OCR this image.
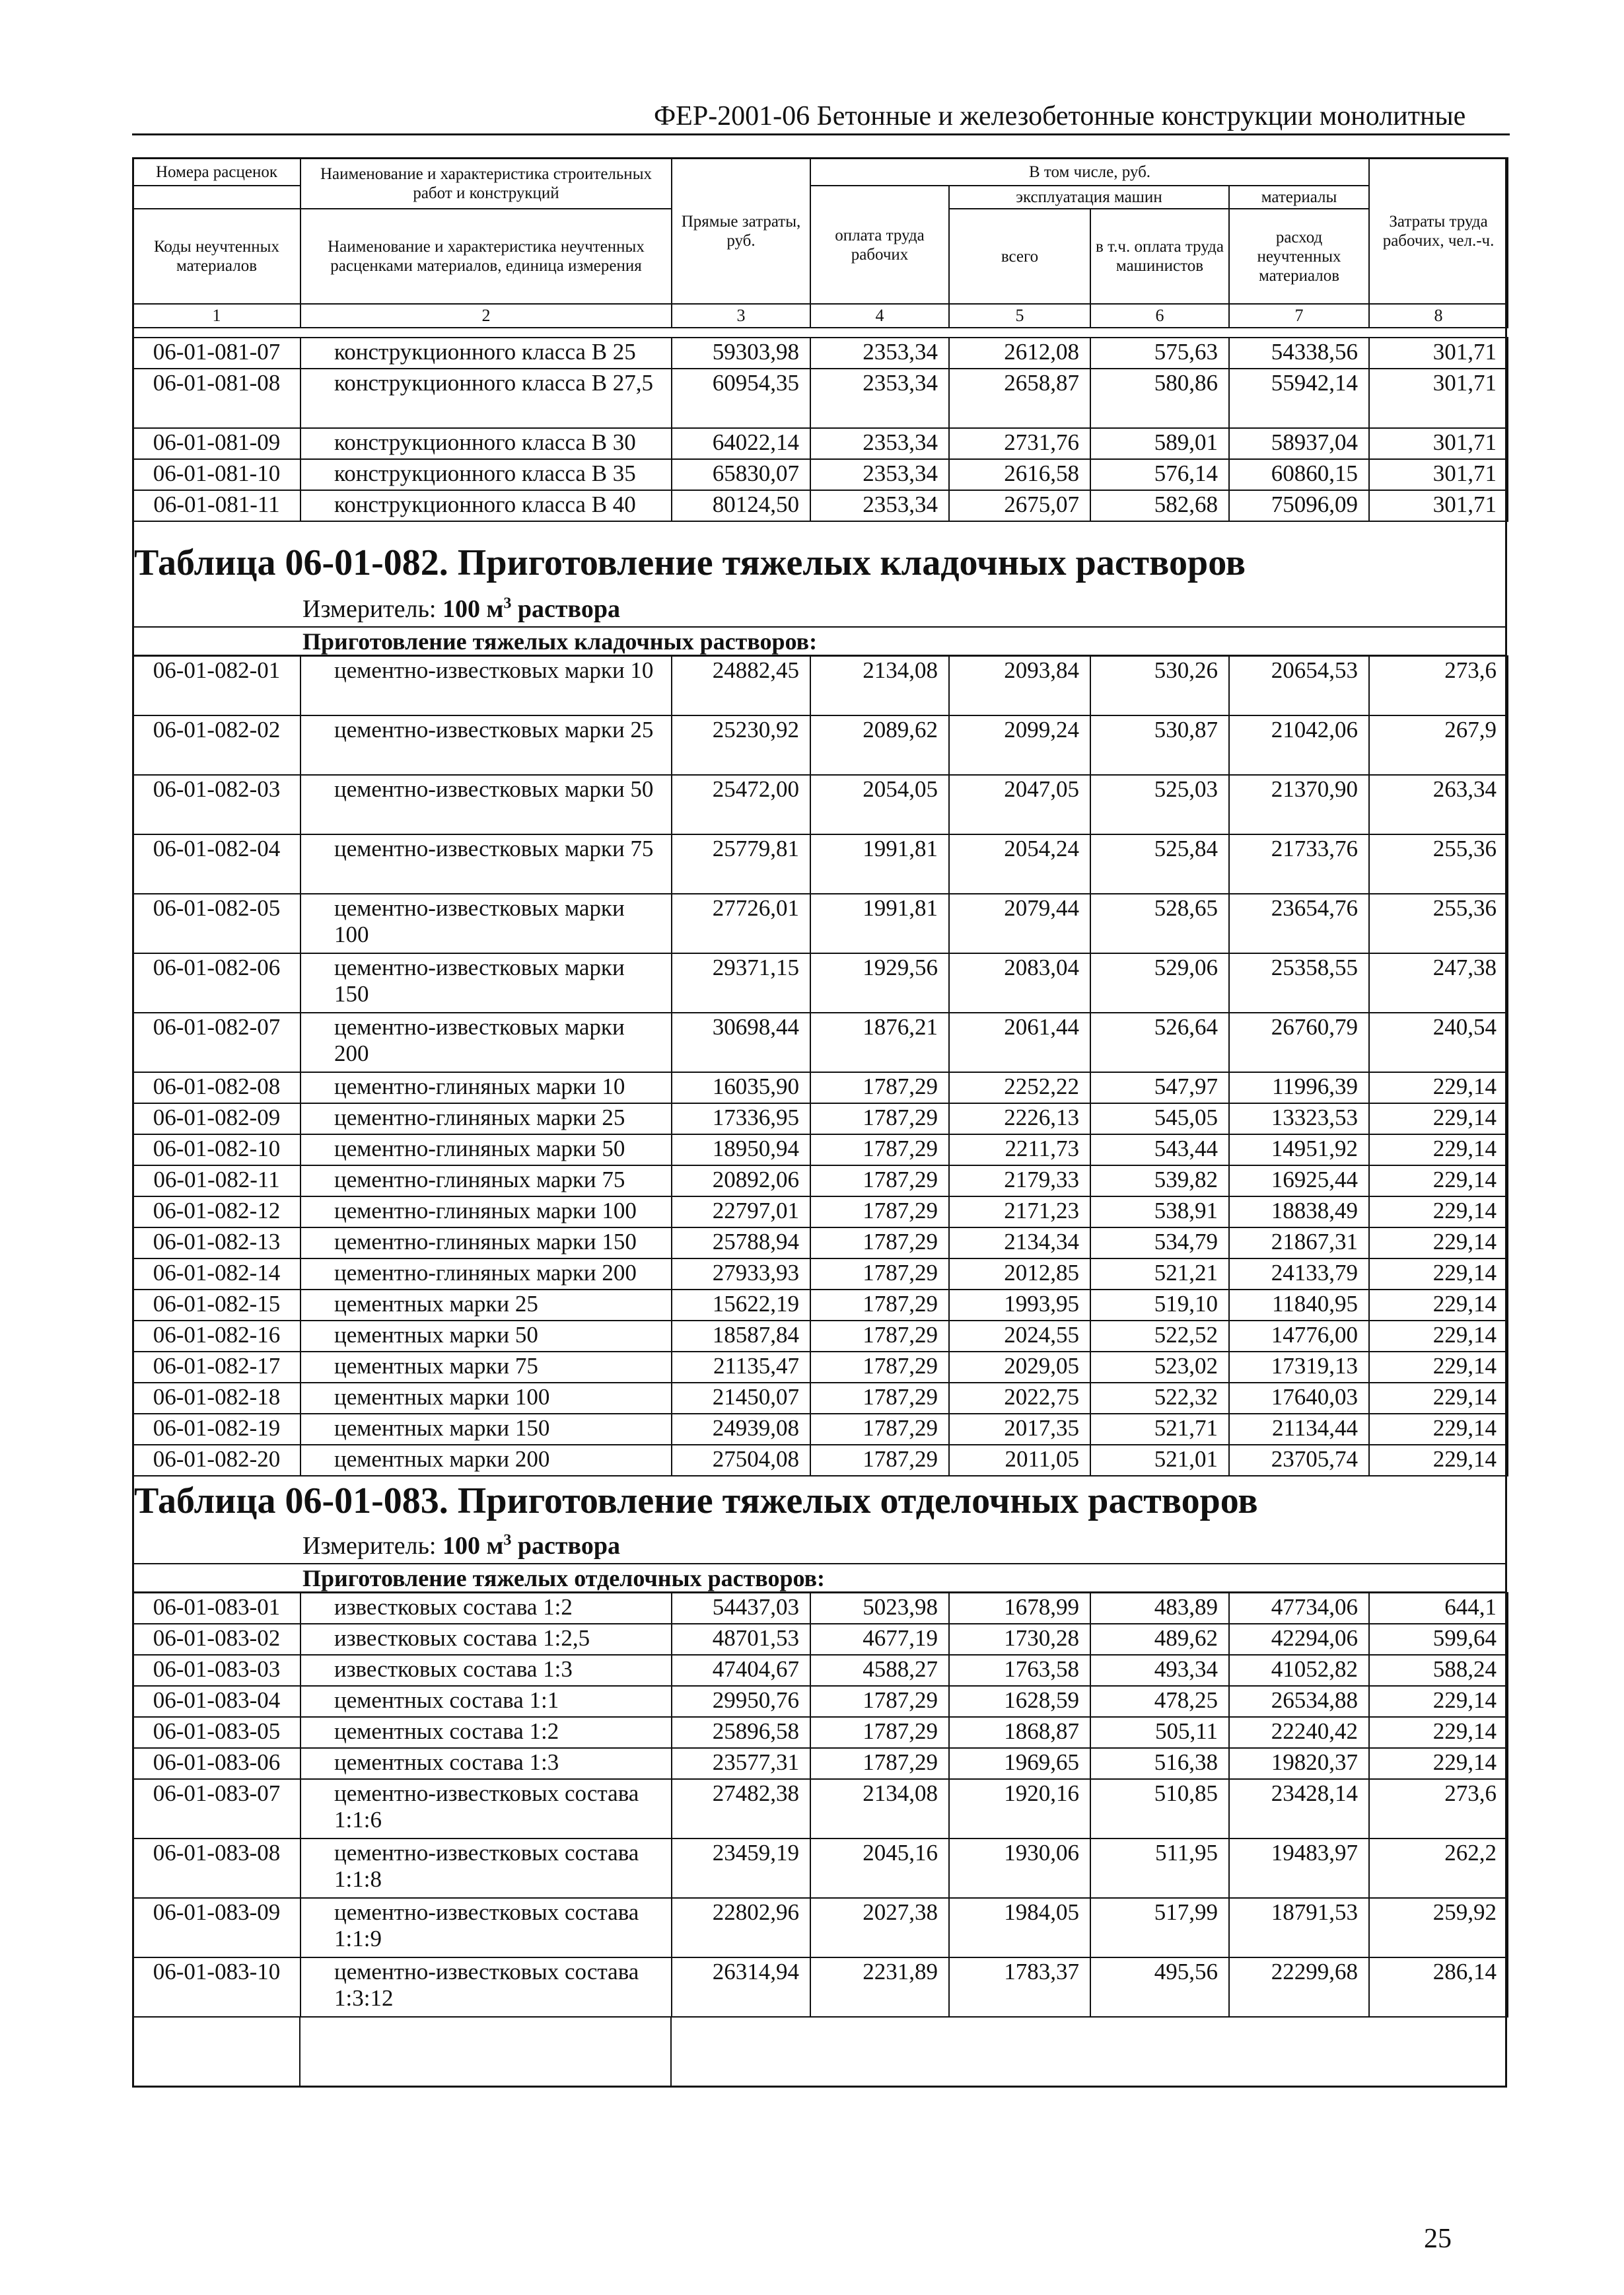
ФЕР-2001-06 Бетонные и железобетонные конструкции монолитные
Номера расценок	Наименование и характеристика строительных работ и конструкций	Прямые затраты, руб.	В том числе, руб.				Затраты труда рабочих, чел.-ч.
			оплата труда рабочих	эксплуатация машин		материалы	
Коды неучтенных материалов	Наименование и характеристика неучтенных расценками материалов, единица измерения			всего	в т.ч. оплата труда машинистов	расход неучтенных материалов	

1	2	3	4	5	6	7	8
06-01-081-07	конструкционного класса В 25	59303,98	2353,34	2612,08	575,63	54338,56	301,71
06-01-081-08	конструкционного класса В 27,5	60954,35	2353,34	2658,87	580,86	55942,14	301,71
06-01-081-09	конструкционного класса В 30	64022,14	2353,34	2731,76	589,01	58937,04	301,71
06-01-081-10	конструкционного класса В 35	65830,07	2353,34	2616,58	576,14	60860,15	301,71
06-01-081-11	конструкционного класса В 40	80124,50	2353,34	2675,07	582,68	75096,09	301,71
Таблица 06-01-082. Приготовление тяжелых кладочных растворов
Измеритель: 100 $м^3$ раствора
Приготовление тяжелых кладочных растворов:
06-01-082-01	цементно-известковых марки 10	24882,45	2134,08	2093,84	530,26	20654,53	273,6
06-01-082-02	цементно-известковых марки 25	25230,92	2089,62	2099,24	530,87	21042,06	267,9
06-01-082-03	цементно-известковых марки 50	25472,00	2054,05	2047,05	525,03	21370,90	263,34
06-01-082-04	цементно-известковых марки 75	25779,81	1991,81	2054,24	525,84	21733,76	255,36
06-01-082-05	цементно-известковых марки 100	27726,01	1991,81	2079,44	528,65	23654,76	255,36
06-01-082-06	цементно-известковых марки 150	29371,15	1929,56	2083,04	529,06	25358,55	247,38
06-01-082-07	цементно-известковых марки 200	30698,44	1876,21	2061,44	526,64	26760,79	240,54
06-01-082-08	цементно-глиняных марки 10	16035,90	1787,29	2252,22	547,97	11996,39	229,14
06-01-082-09	цементно-глиняных марки 25	17336,95	1787,29	2226,13	545,05	13323,53	229,14
06-01-082-10	цементно-глиняных марки 50	18950,94	1787,29	2211,73	543,44	14951,92	229,14
06-01-082-11	цементно-глиняных марки 75	20892,06	1787,29	2179,33	539,82	16925,44	229,14
06-01-082-12	цементно-глиняных марки 100	22797,01	1787,29	2171,23	538,91	18838,49	229,14
06-01-082-13	цементно-глиняных марки 150	25788,94	1787,29	2134,34	534,79	21867,31	229,14
06-01-082-14	цементно-глиняных марки 200	27933,93	1787,29	2012,85	521,21	24133,79	229,14
06-01-082-15	цементных марки 25	15622,19	1787,29	1993,95	519,10	11840,95	229,14
06-01-082-16	цементных марки 50	18587,84	1787,29	2024,55	522,52	14776,00	229,14
06-01-082-17	цементных марки 75	21135,47	1787,29	2029,05	523,02	17319,13	229,14
06-01-082-18	цементных марки 100	21450,07	1787,29	2022,75	522,32	17640,03	229,14
06-01-082-19	цементных марки 150	24939,08	1787,29	2017,35	521,71	21134,44	229,14
06-01-082-20	цементных марки 200	27504,08	1787,29	2011,05	521,01	23705,74	229,14
Таблица 06-01-083. Приготовление тяжелых отделочных растворов
Измеритель: 100 $м^3$ раствора
Приготовление тяжелых отделочных растворов:
06-01-083-01	известковых состава 1:2	54437,03	5023,98	1678,99	483,89	47734,06	644,1
06-01-083-02	известковых состава 1:2,5	48701,53	4677,19	1730,28	489,62	42294,06	599,64
06-01-083-03	известковых состава 1:3	47404,67	4588,27	1763,58	493,34	41052,82	588,24
06-01-083-04	цементных состава 1:1	29950,76	1787,29	1628,59	478,25	26534,88	229,14
06-01-083-05	цементных состава 1:2	25896,58	1787,29	1868,87	505,11	22240,42	229,14
06-01-083-06	цементных состава 1:3	23577,31	1787,29	1969,65	516,38	19820,37	229,14
06-01-083-07	цементно-известковых состава 1:1:6	27482,38	2134,08	1920,16	510,85	23428,14	273,6
06-01-083-08	цементно-известковых состава 1:1:8	23459,19	2045,16	1930,06	511,95	19483,97	262,2
06-01-083-09	цементно-известковых состава 1:1:9	22802,96	2027,38	1984,05	517,99	18791,53	259,92
06-01-083-10	цементно-известковых состава 1:3:12	26314,94	2231,89	1783,37	495,56	22299,68	286,14
25
